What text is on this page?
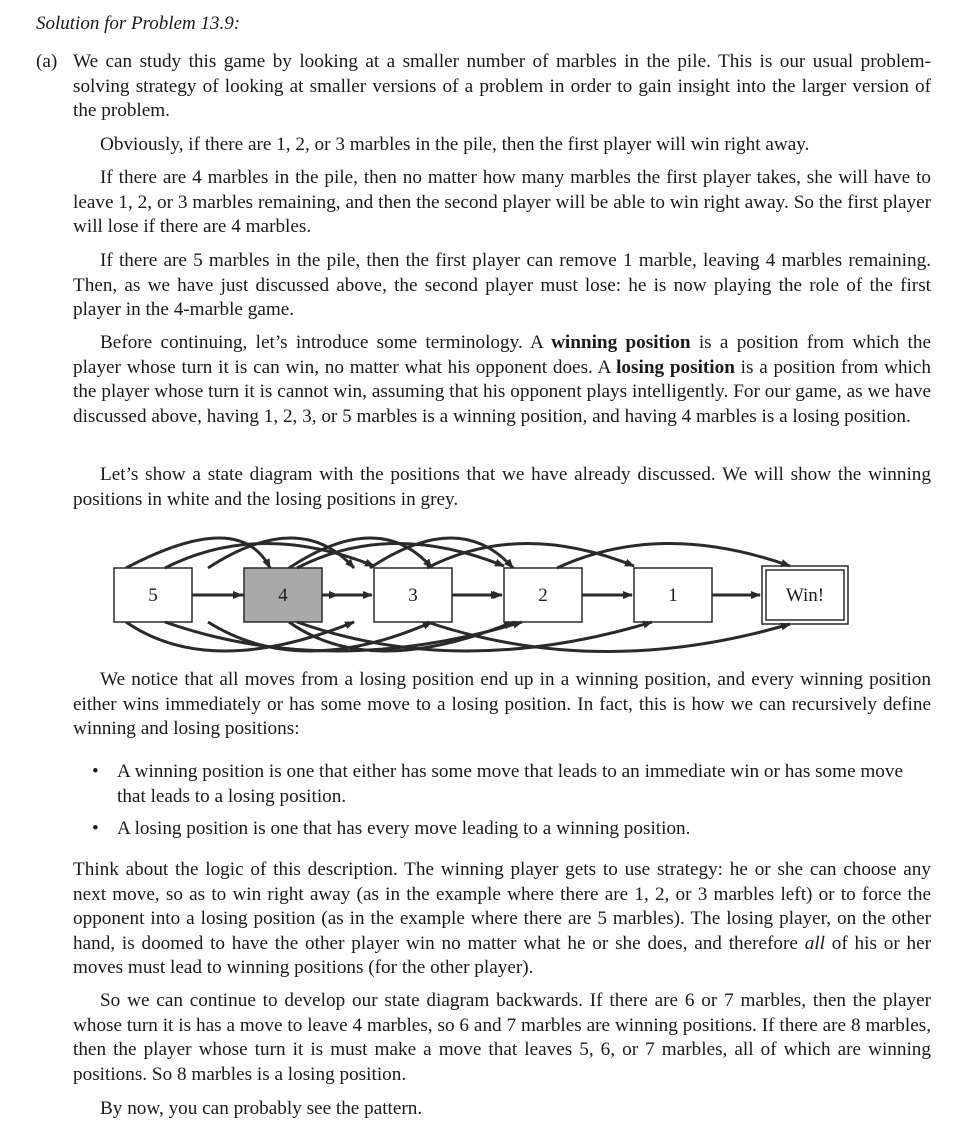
Solution for Problem 13.9:
(a) We can study this game by looking at a smaller number of marbles in the pile. This is our usual problem-solving strategy of looking at smaller versions of a problem in order to gain insight into the larger version of the problem.

Obviously, if there are 1, 2, or 3 marbles in the pile, then the first player will win right away.

If there are 4 marbles in the pile, then no matter how many marbles the first player takes, she will have to leave 1, 2, or 3 marbles remaining, and then the second player will be able to win right away. So the first player will lose if there are 4 marbles.

If there are 5 marbles in the pile, then the first player can remove 1 marble, leaving 4 marbles remaining. Then, as we have just discussed above, the second player must lose: he is now playing the role of the first player in the 4-marble game.

Before continuing, let’s introduce some terminology. A winning position is a position from which the player whose turn it is can win, no matter what his opponent does. A losing position is a position from which the player whose turn it is cannot win, assuming that his opponent plays intelligently. For our game, as we have discussed above, having 1, 2, 3, or 5 marbles is a winning position, and having 4 marbles is a losing position.

Let’s show a state diagram with the positions that we have already discussed. We will show the winning positions in white and the losing positions in grey.

5	4	3	2	1	Win!

We notice that all moves from a losing position end up in a winning position, and every winning position either wins immediately or has some move to a losing position. In fact, this is how we can recursively define winning and losing positions:

• A winning position is one that either has some move that leads to an immediate win or has some move that leads to a losing position.
• A losing position is one that has every move leading to a winning position.

Think about the logic of this description. The winning player gets to use strategy: he or she can choose any next move, so as to win right away (as in the example where there are 1, 2, or 3 marbles left) or to force the opponent into a losing position (as in the example where there are 5 marbles). The losing player, on the other hand, is doomed to have the other player win no matter what he or she does, and therefore all of his or her moves must lead to winning positions (for the other player).

So we can continue to develop our state diagram backwards. If there are 6 or 7 marbles, then the player whose turn it is has a move to leave 4 marbles, so 6 and 7 marbles are winning positions. If there are 8 marbles, then the player whose turn it is must make a move that leaves 5, 6, or 7 marbles, all of which are winning positions. So 8 marbles is a losing position.

By now, you can probably see the pattern.
